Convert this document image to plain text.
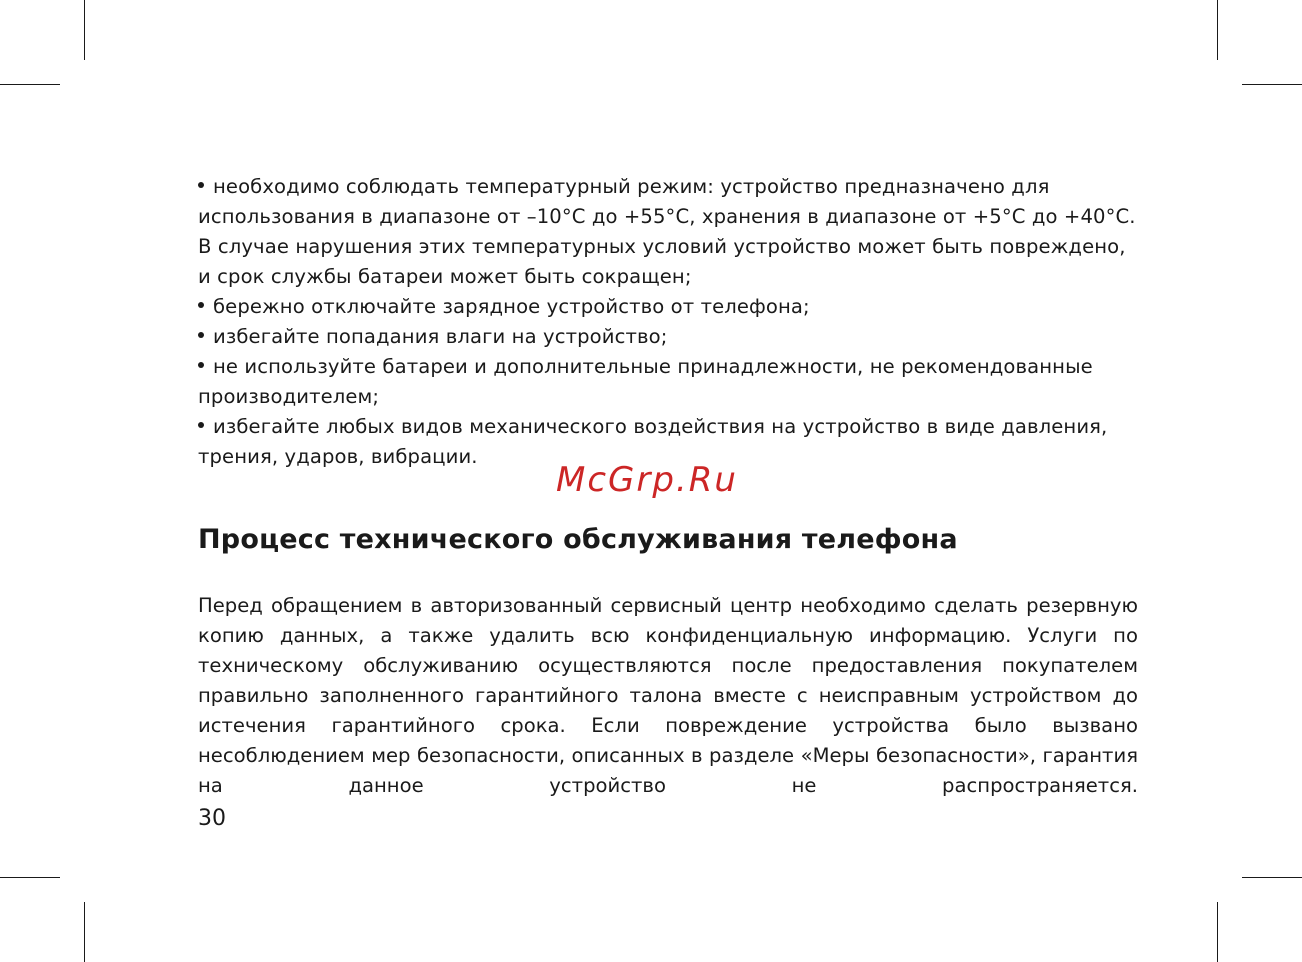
необходимо соблюдать температурный режим: устройство предназначено для использования в диапазоне от –10°C до +55°C, хранения в диапазоне от +5°C до +40°C. В случае нарушения этих температурных условий устройство может быть повреждено, и срок службы батареи может быть сокращен;

бережно отключайте зарядное устройство от телефона;

избегайте попадания влаги на устройство;

не используйте батареи и дополнительные принадлежности, не рекомендованные производителем;

избегайте любых видов механического воздействия на устройство в виде давления, трения, ударов, вибрации.

McGrp.Ru
Процесс технического обслуживания телефона

Перед обращением в авторизованный сервисный центр необходимо сделать резервную копию данных, а также удалить всю конфиденциальную информацию. Услуги по техническому обслуживанию осуществляются после предоставления покупателем правильно заполненного гарантийного талона вместе с неисправным устройством до истечения гарантийного срока. Если повреждение устройства было вызвано несоблюдением мер безопасности, описанных в разделе «Меры безопасности», гарантия на данное устройство не распространяется.

30
